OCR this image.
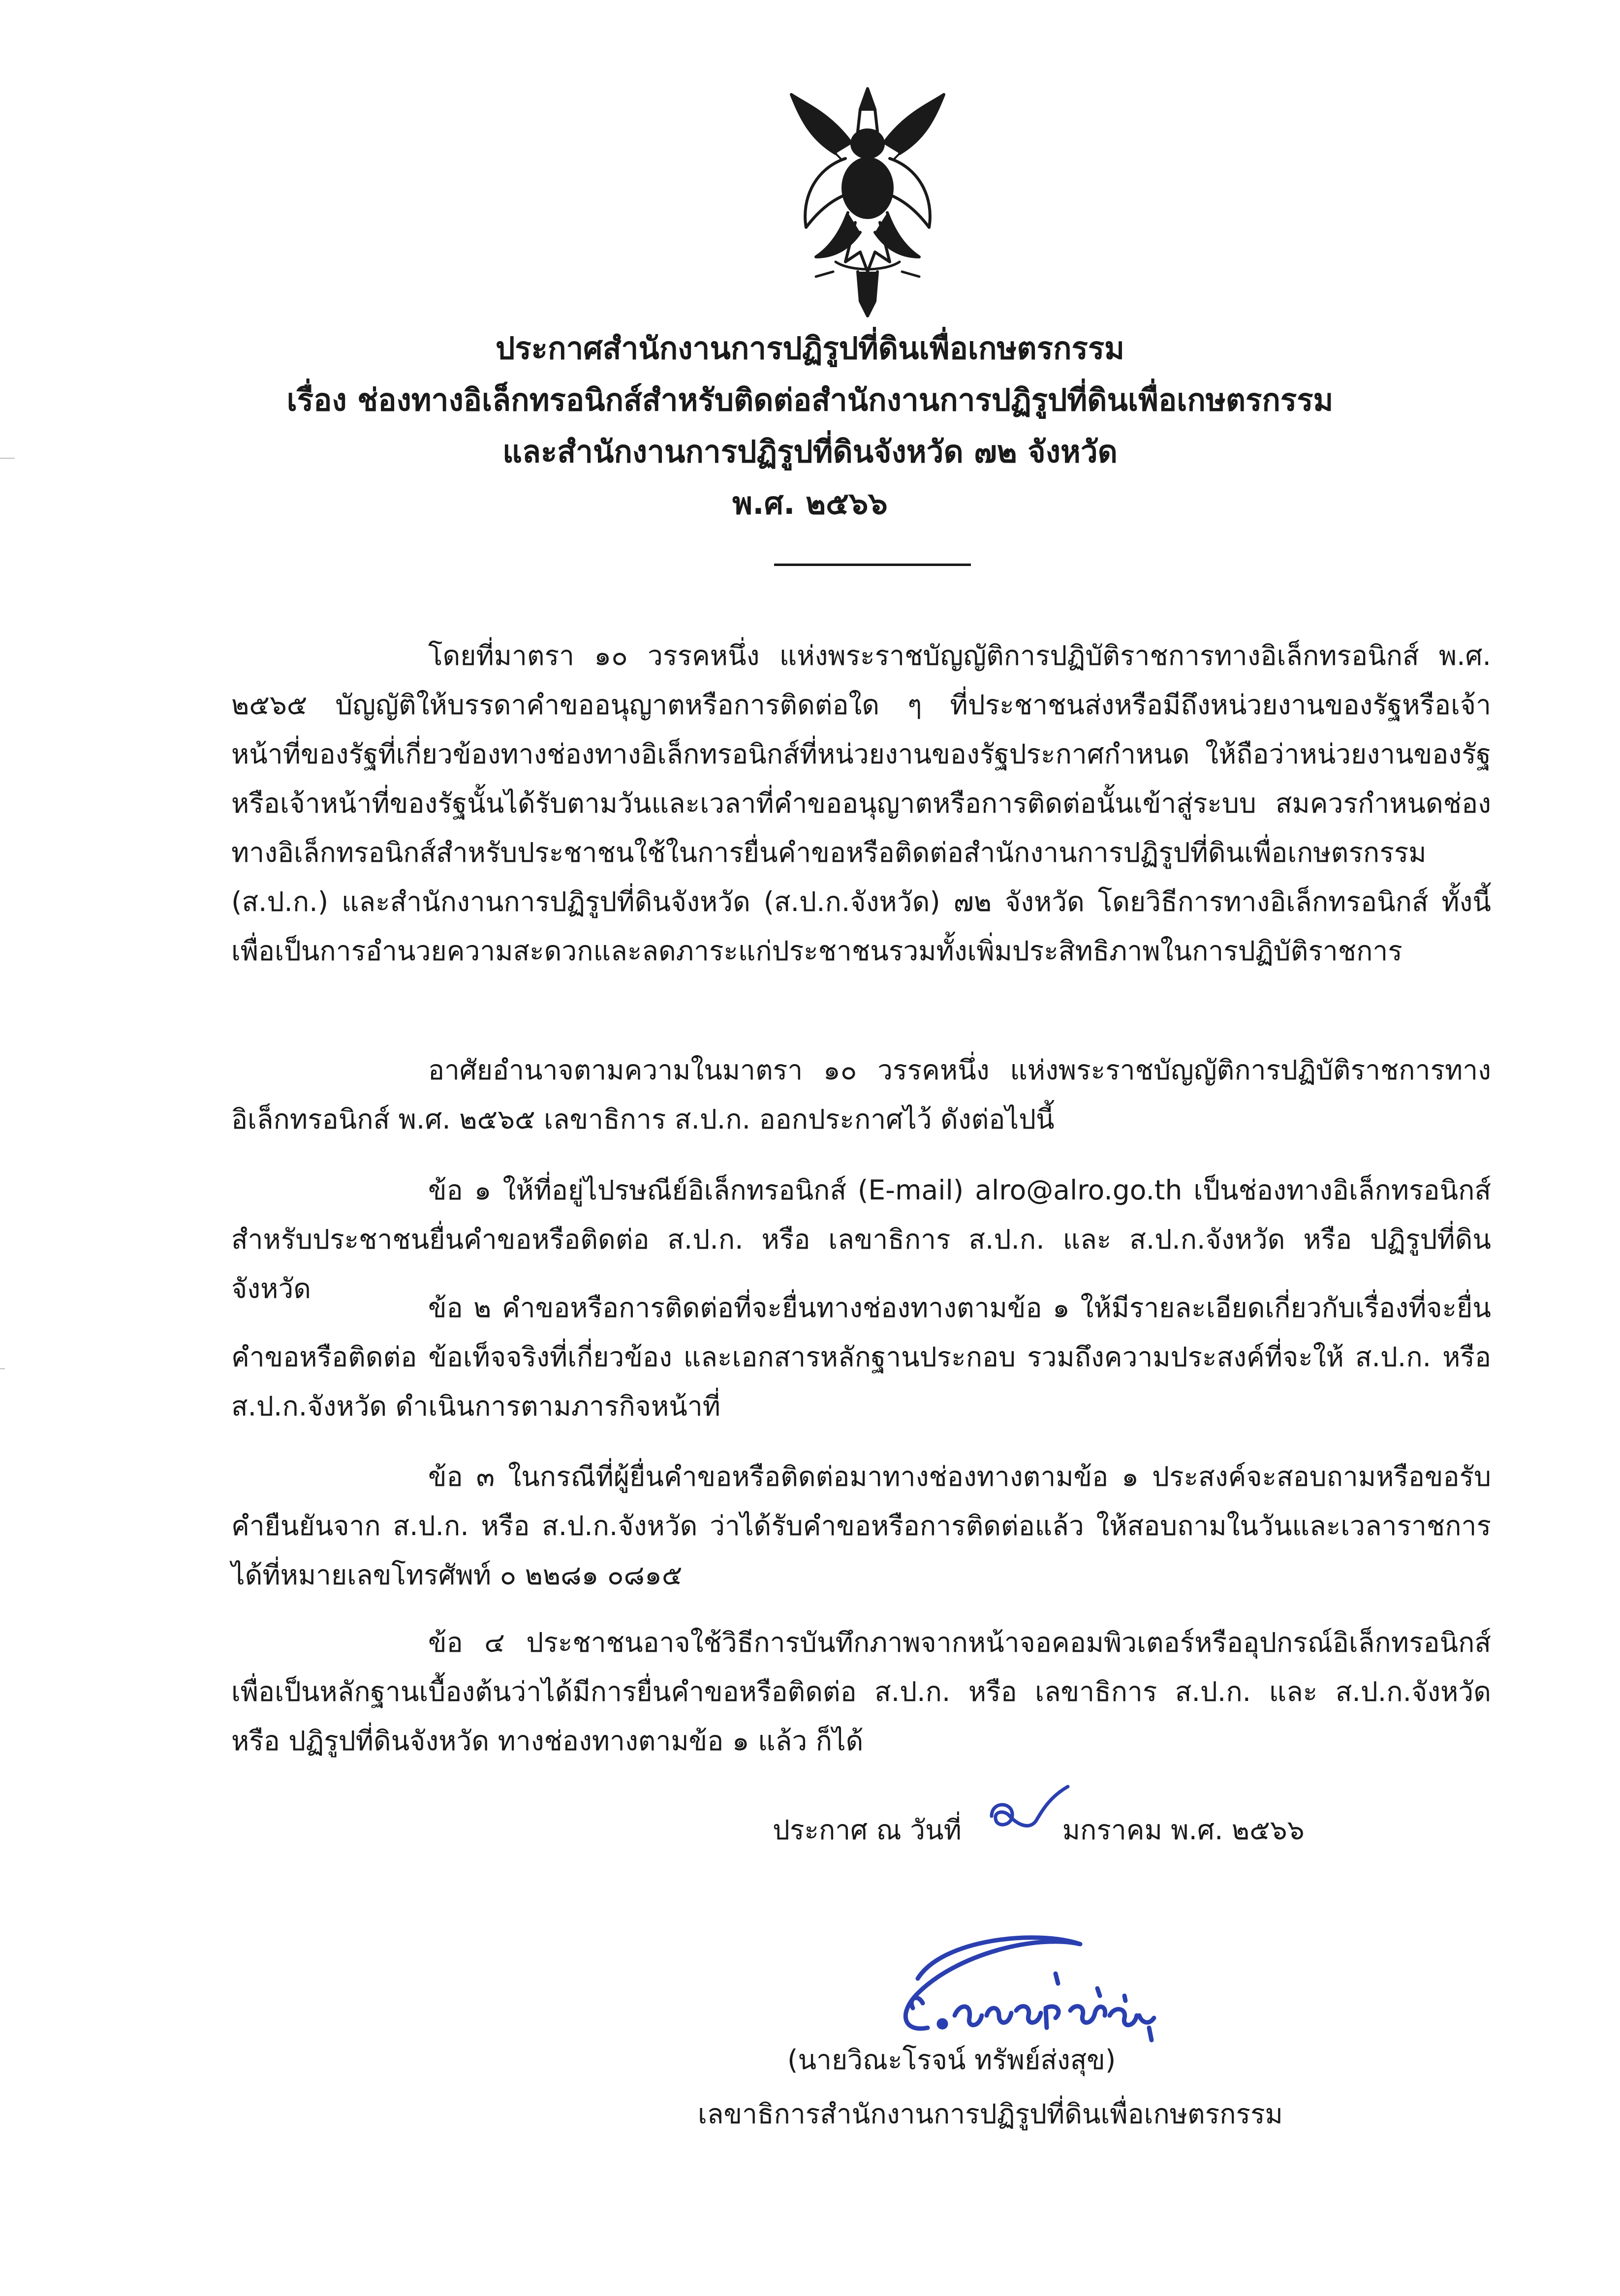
ประกาศสำนักงานการปฏิรูปที่ดินเพื่อเกษตรกรรม
เรื่อง ช่องทางอิเล็กทรอนิกส์สำหรับติดต่อสำนักงานการปฏิรูปที่ดินเพื่อเกษตรกรรม
และสำนักงานการปฏิรูปที่ดินจังหวัด ๗๒ จังหวัด
พ.ศ. ๒๕๖๖

โดยที่มาตรา ๑๐ วรรคหนึ่ง แห่งพระราชบัญญัติการปฏิบัติราชการทางอิเล็กทรอนิกส์ พ.ศ. ๒๕๖๕ บัญญัติให้บรรดาคำขออนุญาตหรือการติดต่อใด ๆ ที่ประชาชนส่งหรือมีถึงหน่วยงานของรัฐหรือเจ้าหน้าที่ของรัฐที่เกี่ยวข้องทางช่องทางอิเล็กทรอนิกส์ที่หน่วยงานของรัฐประกาศกำหนด ให้ถือว่าหน่วยงานของรัฐหรือเจ้าหน้าที่ของรัฐนั้นได้รับตามวันและเวลาที่คำขออนุญาตหรือการติดต่อนั้นเข้าสู่ระบบ สมควรกำหนดช่องทางอิเล็กทรอนิกส์สำหรับประชาชนใช้ในการยื่นคำขอหรือติดต่อสำนักงานการปฏิรูปที่ดินเพื่อเกษตรกรรม (ส.ป.ก.) และสำนักงานการปฏิรูปที่ดินจังหวัด (ส.ป.ก.จังหวัด) ๗๒ จังหวัด โดยวิธีการทางอิเล็กทรอนิกส์ ทั้งนี้ เพื่อเป็นการอำนวยความสะดวกและลดภาระแก่ประชาชนรวมทั้งเพิ่มประสิทธิภาพในการปฏิบัติราชการ

อาศัยอำนาจตามความในมาตรา ๑๐ วรรคหนึ่ง แห่งพระราชบัญญัติการปฏิบัติราชการทางอิเล็กทรอนิกส์ พ.ศ. ๒๕๖๕ เลขาธิการ ส.ป.ก. ออกประกาศไว้ ดังต่อไปนี้

ข้อ ๑ ให้ที่อยู่ไปรษณีย์อิเล็กทรอนิกส์ (E-mail) alro@alro.go.th เป็นช่องทางอิเล็กทรอนิกส์สำหรับประชาชนยื่นคำขอหรือติดต่อ ส.ป.ก. หรือ เลขาธิการ ส.ป.ก. และ ส.ป.ก.จังหวัด หรือ ปฏิรูปที่ดินจังหวัด

ข้อ ๒ คำขอหรือการติดต่อที่จะยื่นทางช่องทางตามข้อ ๑ ให้มีรายละเอียดเกี่ยวกับเรื่องที่จะยื่นคำขอหรือติดต่อ ข้อเท็จจริงที่เกี่ยวข้อง และเอกสารหลักฐานประกอบ รวมถึงความประสงค์ที่จะให้ ส.ป.ก. หรือ ส.ป.ก.จังหวัด ดำเนินการตามภารกิจหน้าที่

ข้อ ๓ ในกรณีที่ผู้ยื่นคำขอหรือติดต่อมาทางช่องทางตามข้อ ๑ ประสงค์จะสอบถามหรือขอรับคำยืนยันจาก ส.ป.ก. หรือ ส.ป.ก.จังหวัด ว่าได้รับคำขอหรือการติดต่อแล้ว ให้สอบถามในวันและเวลาราชการได้ที่หมายเลขโทรศัพท์ ๐ ๒๒๘๑ ๐๘๑๕

ข้อ ๔ ประชาชนอาจใช้วิธีการบันทึกภาพจากหน้าจอคอมพิวเตอร์หรืออุปกรณ์อิเล็กทรอนิกส์เพื่อเป็นหลักฐานเบื้องต้นว่าได้มีการยื่นคำขอหรือติดต่อ ส.ป.ก. หรือ เลขาธิการ ส.ป.ก. และ ส.ป.ก.จังหวัด หรือ ปฏิรูปที่ดินจังหวัด ทางช่องทางตามข้อ ๑ แล้ว ก็ได้

ประกาศ ณ วันที่	มกราคม พ.ศ. ๒๕๖๖
(นายวิณะโรจน์ ทรัพย์ส่งสุข)
เลขาธิการสำนักงานการปฏิรูปที่ดินเพื่อเกษตรกรรม
